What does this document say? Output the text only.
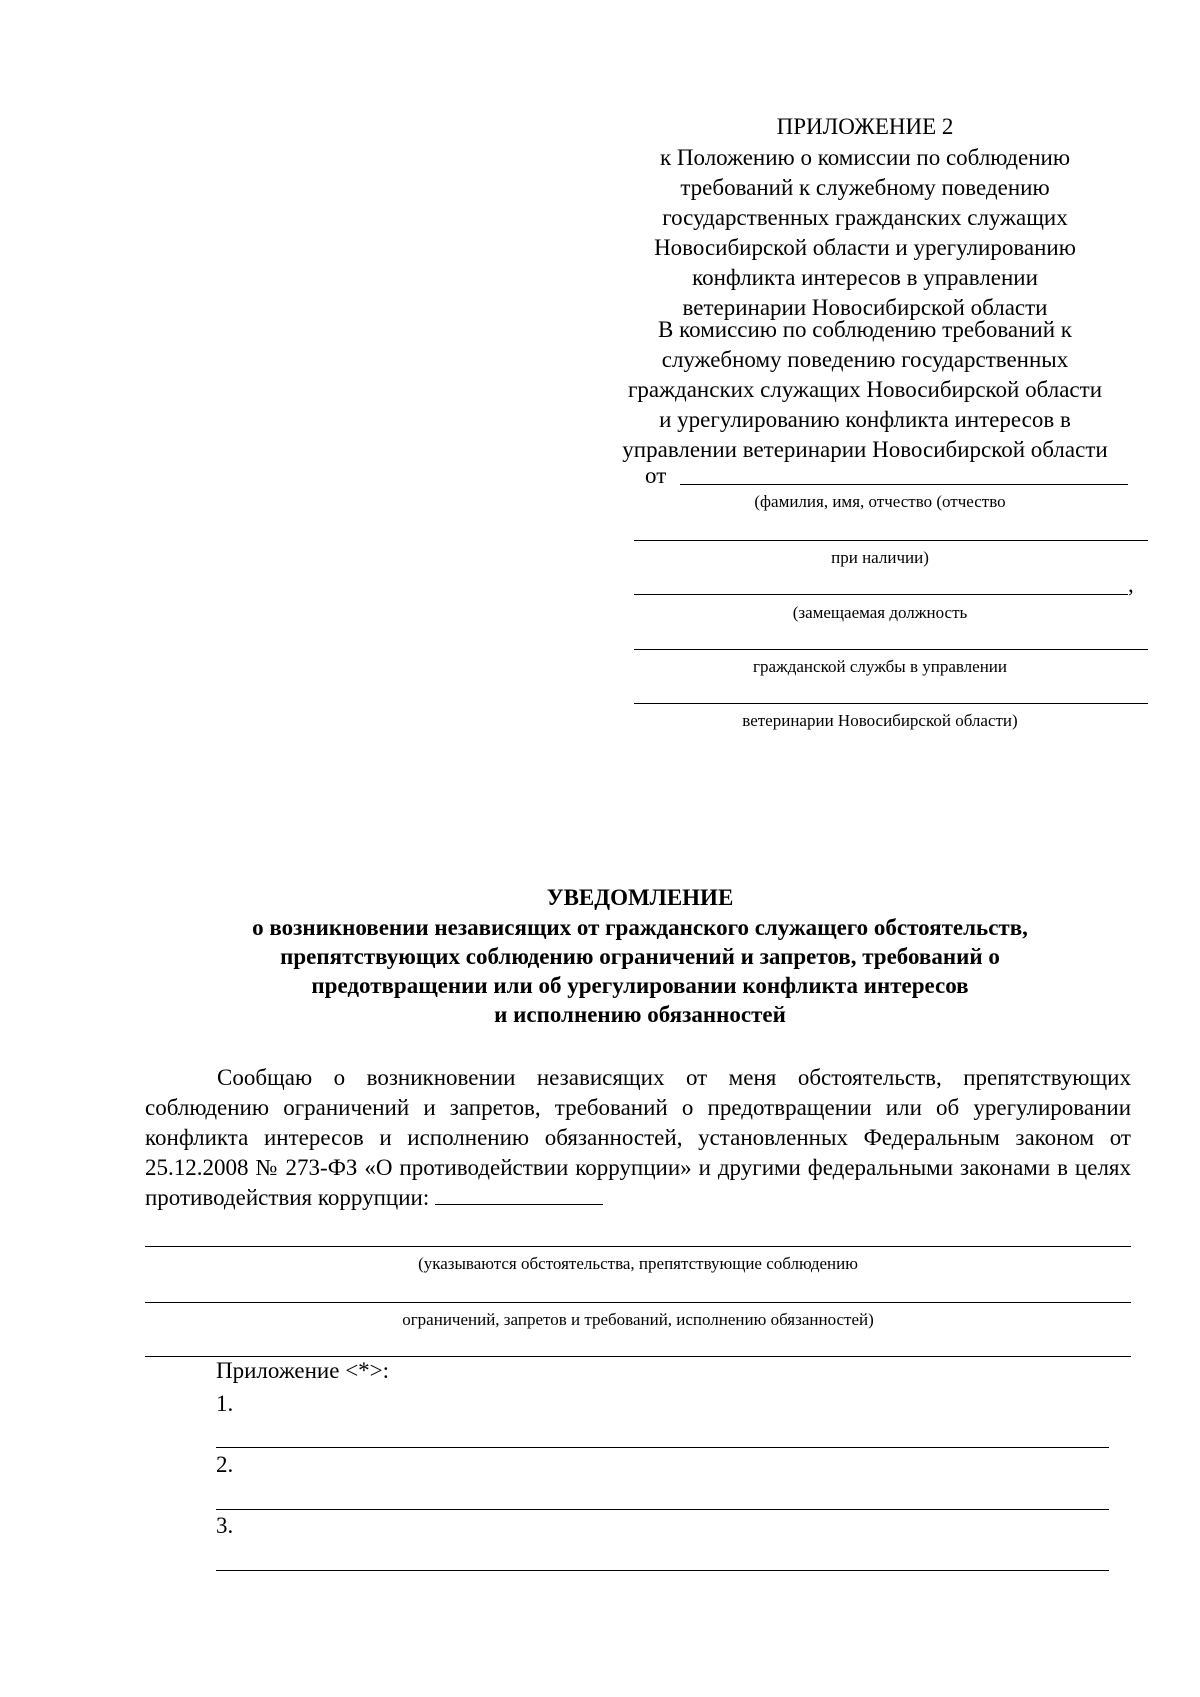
ПРИЛОЖЕНИЕ 2
к Положению о комиссии по соблюдению
требований к служебному поведению
государственных гражданских служащих
Новосибирской области и урегулированию
конфликта интересов в управлении
ветеринарии Новосибирской области
В комиссию по соблюдению требований к
служебному поведению государственных
гражданских служащих Новосибирской области
и урегулированию конфликта интересов в
управлении ветеринарии Новосибирской области
от
(фамилия, имя, отчество (отчество
при наличии)
,
(замещаемая должность
гражданской службы в управлении
ветеринарии Новосибирской области)
УВЕДОМЛЕНИЕ
о возникновении независящих от гражданского служащего обстоятельств,
препятствующих соблюдению ограничений и запретов, требований о
предотвращении или об урегулировании конфликта интересов
и исполнению обязанностей
Сообщаю о возникновении независящих от меня обстоятельств, препятствующих соблюдению ограничений и запретов, требований о предотвращении или об урегулировании конфликта интересов и исполнению обязанностей, установленных Федеральным законом от 25.12.2008 № 273-ФЗ «О противодействии коррупции» и другими федеральными законами в целях противодействия коррупции:
(указываются обстоятельства, препятствующие соблюдению
ограничений, запретов и требований, исполнению обязанностей)
Приложение <*>:
1.
2.
3.
